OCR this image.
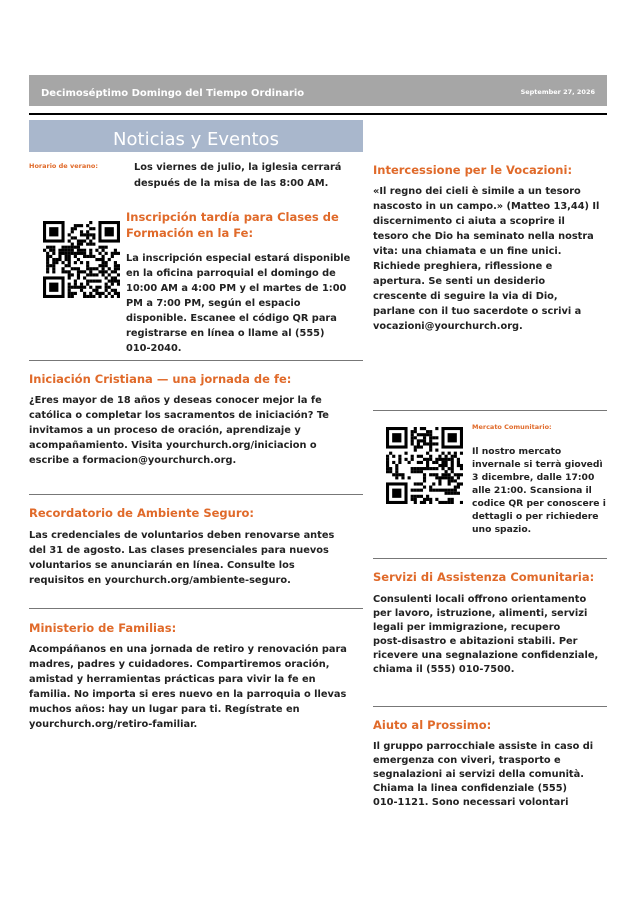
Decimoséptimo Domingo del Tiempo Ordinario	September 27, 2026
Noticias y Eventos
Horario de verano:	Los viernes de julio, la iglesia cerrará
después de la misa de las 8:00 AM.
Inscripción tardía para Clases de
Formación en la Fe:
La inscripción especial estará disponible
en la oficina parroquial el domingo de
10:00 AM a 4:00 PM y el martes de 1:00
PM a 7:00 PM, según el espacio
disponible. Escanee el código QR para
registrarse en línea o llame al (555)
010-2040.
Iniciación Cristiana — una jornada de fe:
¿Eres mayor de 18 años y deseas conocer mejor la fe
católica o completar los sacramentos de iniciación? Te
invitamos a un proceso de oración, aprendizaje y
acompañamiento. Visita yourchurch.org/iniciacion o
escribe a formacion@yourchurch.org.
Recordatorio de Ambiente Seguro:
Las credenciales de voluntarios deben renovarse antes
del 31 de agosto. Las clases presenciales para nuevos
voluntarios se anunciarán en línea. Consulte los
requisitos en yourchurch.org/ambiente-seguro.
Ministerio de Familias:
Acompáñanos en una jornada de retiro y renovación para
madres, padres y cuidadores. Compartiremos oración,
amistad y herramientas prácticas para vivir la fe en
familia. No importa si eres nuevo en la parroquia o llevas
muchos años: hay un lugar para ti. Regístrate en
yourchurch.org/retiro-familiar.
Intercessione per le Vocazioni:
«Il regno dei cieli è simile a un tesoro
nascosto in un campo.» (Matteo 13,44) Il
discernimento ci aiuta a scoprire il
tesoro che Dio ha seminato nella nostra
vita: una chiamata e un fine unici.
Richiede preghiera, riflessione e
apertura. Se senti un desiderio
crescente di seguire la via di Dio,
parlane con il tuo sacerdote o scrivi a
vocazioni@yourchurch.org.
Mercato Comunitario:
Il nostro mercato
invernale si terrà giovedì
3 dicembre, dalle 17:00
alle 21:00. Scansiona il
codice QR per conoscere i
dettagli o per richiedere
uno spazio.
Servizi di Assistenza Comunitaria:
Consulenti locali offrono orientamento
per lavoro, istruzione, alimenti, servizi
legali per immigrazione, recupero
post-disastro e abitazioni stabili. Per
ricevere una segnalazione confidenziale,
chiama il (555) 010-7500.
Aiuto al Prossimo:
Il gruppo parrocchiale assiste in caso di
emergenza con viveri, trasporto e
segnalazioni ai servizi della comunità.
Chiama la linea confidenziale (555)
010-1121. Sono necessari volontari
